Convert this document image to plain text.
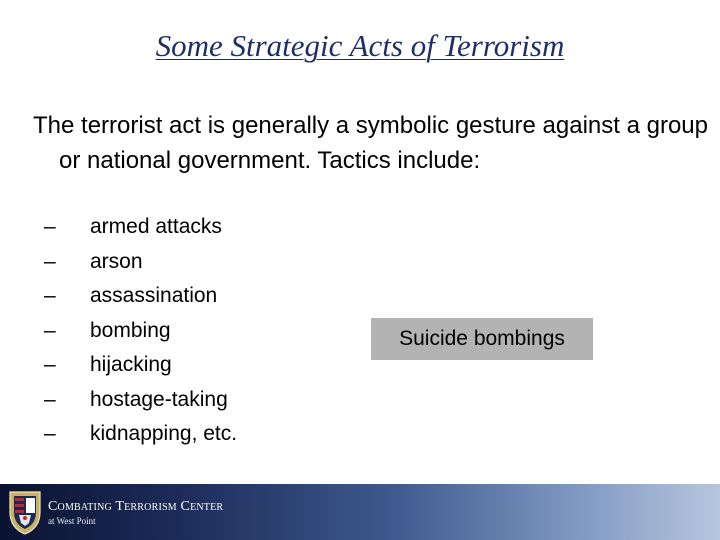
Some Strategic Acts of Terrorism
The terrorist act is generally a symbolic gesture against a group or national government. Tactics include:
– armed attacks
– arson
– assassination
– bombing
– hijacking
– hostage-taking
– kidnapping, etc.
Suicide bombings
Combating Terrorism Center
at West Point
